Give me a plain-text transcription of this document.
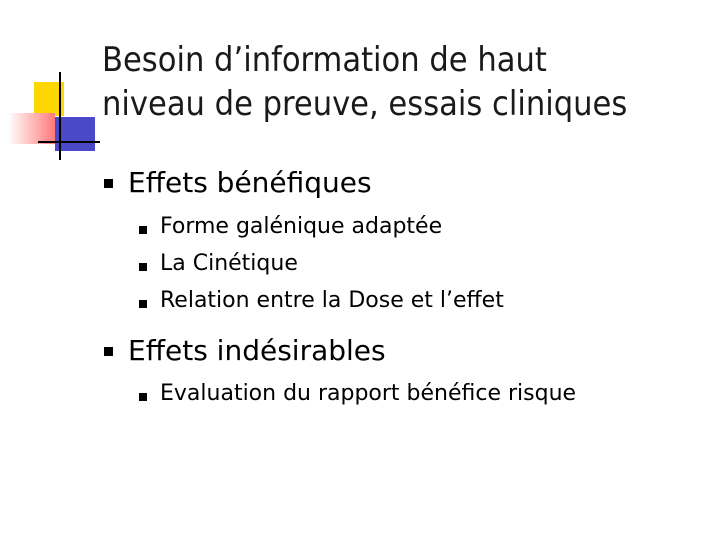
Besoin d’information de haut
niveau de preuve, essais cliniques
Effets bénéfiques
Forme galénique adaptée
La Cinétique
Relation entre la Dose et l’effet
Effets indésirables
Evaluation du rapport bénéfice risque
